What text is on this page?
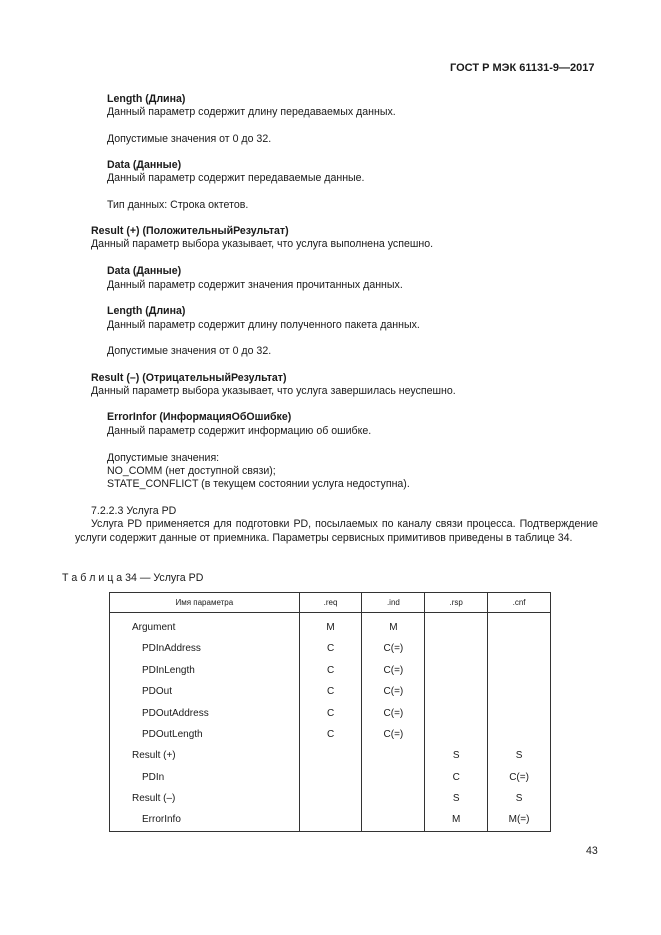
ГОСТ Р МЭК 61131-9—2017
Length (Длина)
Данный параметр содержит длину передаваемых данных.
Допустимые значения от 0 до 32.
Data (Данные)
Данный параметр содержит передаваемые данные.
Тип данных: Строка октетов.
Result (+) (ПоложительныйРезультат)
Данный параметр выбора указывает, что услуга выполнена успешно.
Data (Данные)
Данный параметр содержит значения прочитанных данных.
Length (Длина)
Данный параметр содержит длину полученного пакета данных.
Допустимые значения от 0 до 32.
Result (–) (ОтрицательныйРезультат)
Данный параметр выбора указывает, что услуга завершилась неуспешно.
ErrorInfor (ИнформацияОбОшибке)
Данный параметр содержит информацию об ошибке.
Допустимые значения:
NO_COMM (нет доступной связи);
STATE_CONFLICT (в текущем состоянии услуга недоступна).
7.2.2.3 Услуга PD
Услуга PD применяется для подготовки PD, посылаемых по каналу связи процесса. Подтверждение услуги содержит данные от приемника. Параметры сервисных примитивов приведены в таблице 34.
Т а б л и ц а 34 — Услуга PD
Имя параметра	.req	.ind	.rsp	.cnf
Argument	M	M		
PDInAddress	C	C(=)		
PDInLength	C	C(=)		
PDOut	C	C(=)		
PDOutAddress	C	C(=)		
PDOutLength	C	C(=)		
Result (+)			S	S
PDIn			C	C(=)
Result (–)			S	S
ErrorInfo			M	M(=)
43
